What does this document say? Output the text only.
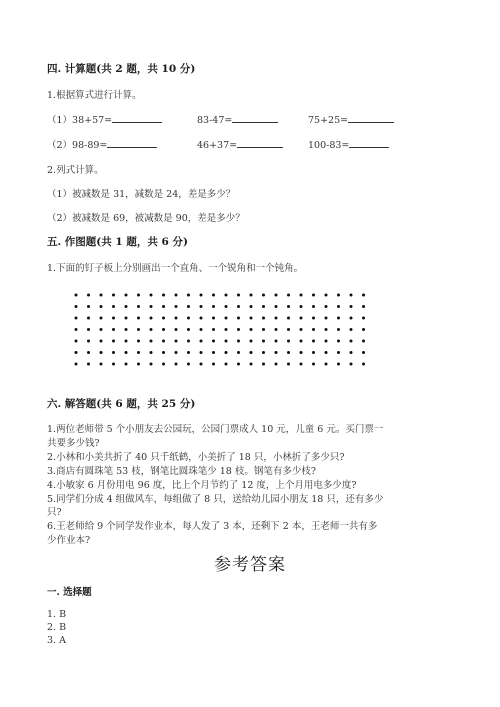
四. 计算题(共 2 题，共 10 分)
1.根据算式进行计算。
（1）38+57=	83-47=	75+25=
（2）98-89=	46+37=	100-83=
2.列式计算。
（1）被减数是 31，减数是 24，差是多少？
（2）被减数是 69，被减数是 90，差是多少？
五. 作图题(共 1 题，共 6 分)
1.下面的钉子板上分别画出一个直角、一个锐角和一个钝角。
六. 解答题(共 6 题，共 25 分)
1.两位老师带 5 个小朋友去公园玩，公园门票成人 10 元，儿童 6 元。买门票一
共要多少钱?
2.小林和小美共折了 40 只千纸鹤，小美折了 18 只，小林折了多少只?
3.商店有圆珠笔 53 枝，钢笔比圆珠笔少 18 枝。钢笔有多少枝?
4.小敏家 6 月份用电 96 度，比上个月节约了 12 度，上个月用电多少度?
5.同学们分成 4 组做风车，每组做了 8 只，送给幼儿园小朋友 18 只，还有多少
只?
6.王老师给 9 个同学发作业本，每人发了 3 本，还剩下 2 本，王老师一共有多
少作业本?
参考答案
一. 选择题
1. B
2. B
3. A
